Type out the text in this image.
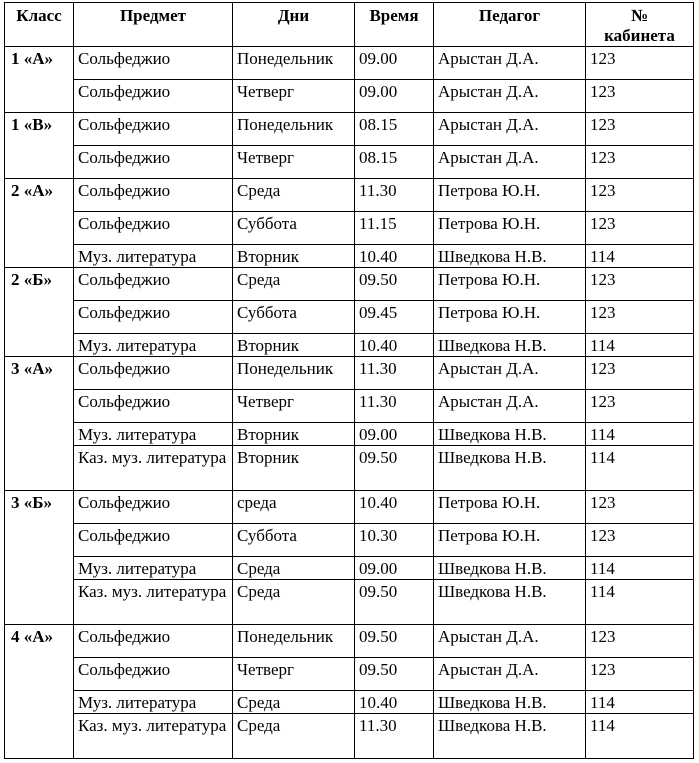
Класс	Предмет	Дни	Время	Педагог	№
кабинета
1 «А»	Сольфеджио	Понедельник	09.00	Арыстан Д.А.	123
	Сольфеджио	Четверг	09.00	Арыстан Д.А.	123
1 «В»	Сольфеджио	Понедельник	08.15	Арыстан Д.А.	123
	Сольфеджио	Четверг	08.15	Арыстан Д.А.	123
2 «А»	Сольфеджио	Среда	11.30	Петрова Ю.Н.	123
	Сольфеджио	Суббота	11.15	Петрова Ю.Н.	123
	Муз. литература	Вторник	10.40	Шведкова Н.В.	114
2 «Б»	Сольфеджио	Среда	09.50	Петрова Ю.Н.	123
	Сольфеджио	Суббота	09.45	Петрова Ю.Н.	123
	Муз. литература	Вторник	10.40	Шведкова Н.В.	114
3 «А»	Сольфеджио	Понедельник	11.30	Арыстан Д.А.	123
	Сольфеджио	Четверг	11.30	Арыстан Д.А.	123
	Муз. литература	Вторник	09.00	Шведкова Н.В.	114
	Каз. муз. литература	Вторник	09.50	Шведкова Н.В.	114
3 «Б»	Сольфеджио	среда	10.40	Петрова Ю.Н.	123
	Сольфеджио	Суббота	10.30	Петрова Ю.Н.	123
	Муз. литература	Среда	09.00	Шведкова Н.В.	114
	Каз. муз. литература	Среда	09.50	Шведкова Н.В.	114
4 «А»	Сольфеджио	Понедельник	09.50	Арыстан Д.А.	123
	Сольфеджио	Четверг	09.50	Арыстан Д.А.	123
	Муз. литература	Среда	10.40	Шведкова Н.В.	114
	Каз. муз. литература	Среда	11.30	Шведкова Н.В.	114
